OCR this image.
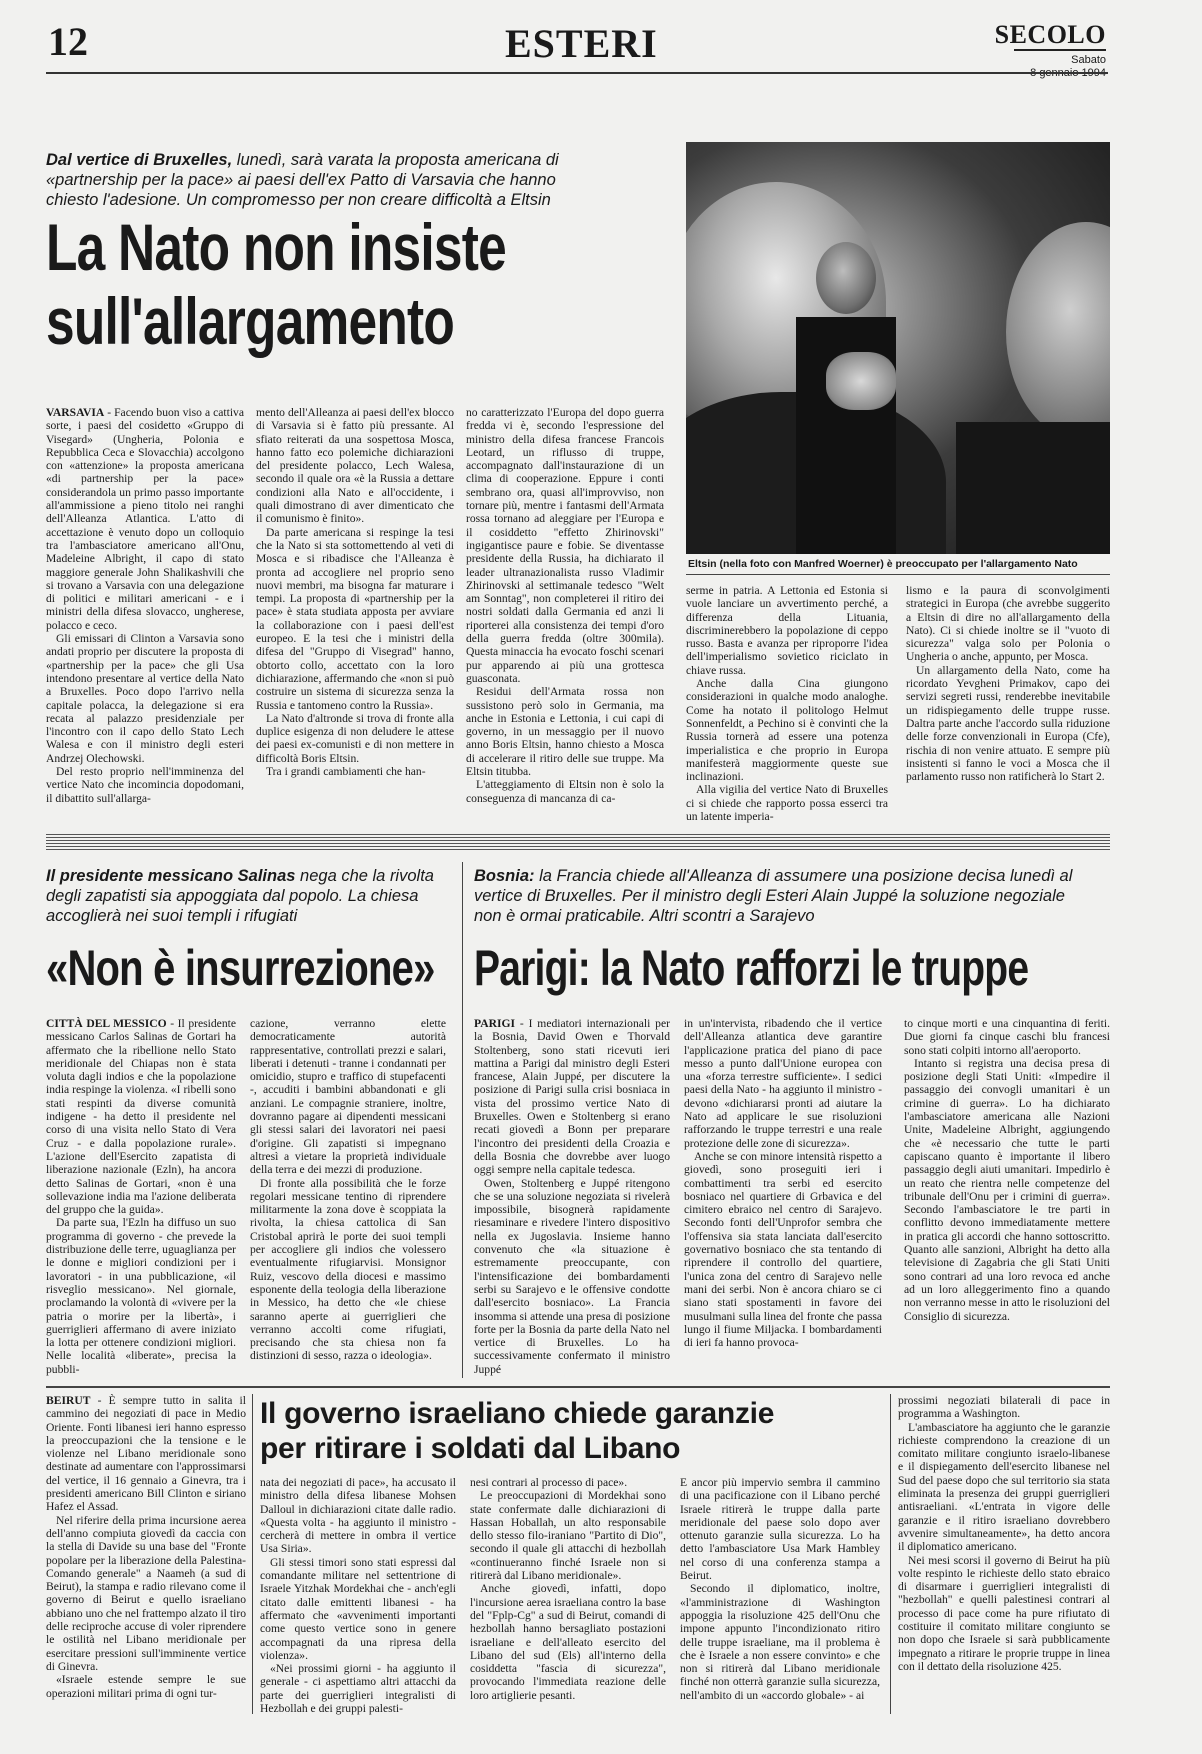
12	ESTERI	SECOLO
Sabato
Dal vertice di Bruxelles, lunedì, sarà varata la proposta americana di «partnership per la pace» ai paesi dell'ex Patto di Varsavia che hanno chiesto l'adesione. Un compromesso per non creare difficoltà a Eltsin
La Nato non insiste
sull'allargamento

VARSAVIA - Facendo buon viso a cattiva sorte, i paesi del cosidetto «Gruppo di Visegard» (Ungheria, Polonia e Repubblica Ceca e Slovacchia) accolgono con «attenzione» la proposta americana «di partnership per la pace» considerandola un primo passo importante all'ammissione a pieno titolo nei ranghi dell'Alleanza Atlantica. L'atto di accettazione è venuto dopo un colloquio tra l'ambasciatore americano all'Onu, Madeleine Albright, il capo di stato maggiore generale John Shalikashvili che si trovano a Varsavia con una delegazione di politici e militari americani - e i ministri della difesa slovacco, ungherese, polacco e ceco.

Gli emissari di Clinton a Varsavia sono andati proprio per discutere la proposta di «partnership per la pace» che gli Usa intendono presentare al vertice della Nato a Bruxelles. Poco dopo l'arrivo nella capitale polacca, la delegazione si era recata al palazzo presidenziale per l'incontro con il capo dello Stato Lech Walesa e con il ministro degli esteri Andrzej Olechowski.

Del resto proprio nell'imminenza del vertice Nato che incomincia dopodomani, il dibattito sull'allarga-

mento dell'Alleanza ai paesi dell'ex blocco di Varsavia si è fatto più pressante. Al sfiato reiterati da una sospettosa Mosca, hanno fatto eco polemiche dichiarazioni del presidente polacco, Lech Walesa, secondo il quale ora «è la Russia a dettare condizioni alla Nato e all'occidente, i quali dimostrano di aver dimenticato che il comunismo è finito».

Da parte americana si respinge la tesi che la Nato si sta sottomettendo al veti di Mosca e si ribadisce che l'Alleanza è pronta ad accogliere nel proprio seno nuovi membri, ma bisogna far maturare i tempi. La proposta di «partnership per la pace» è stata studiata apposta per avviare la collaborazione con i paesi dell'est europeo. E la tesi che i ministri della difesa del "Gruppo di Visegrad" hanno, obtorto collo, accettato con la loro dichiarazione, affermando che «non si può costruire un sistema di sicurezza senza la Russia e tantomeno contro la Russia».

La Nato d'altronde si trova di fronte alla duplice esigenza di non deludere le attese dei paesi ex-comunisti e di non mettere in difficoltà Boris Eltsin.

Tra i grandi cambiamenti che han-

no caratterizzato l'Europa del dopo guerra fredda vi è, secondo l'espressione del ministro della difesa francese Francois Leotard, un riflusso di truppe, accompagnato dall'instaurazione di un clima di cooperazione. Eppure i conti sembrano ora, quasi all'improvviso, non tornare più, mentre i fantasmi dell'Armata rossa tornano ad aleggiare per l'Europa e il cosiddetto "effetto Zhirinovski" ingigantisce paure e fobie. Se diventasse presidente della Russia, ha dichiarato il leader ultranazionalista russo Vladimir Zhirinovski al settimanale tedesco "Welt am Sonntag", non completerei il ritiro dei nostri soldati dalla Germania ed anzi li riporterei alla consistenza dei tempi d'oro della guerra fredda (oltre 300mila). Questa minaccia ha evocato foschi scenari pur apparendo ai più una grottesca guasconata.

Residui dell'Armata rossa non sussistono però solo in Germania, ma anche in Estonia e Lettonia, i cui capi di governo, in un messaggio per il nuovo anno Boris Eltsin, hanno chiesto a Mosca di accelerare il ritiro delle sue truppe. Ma Eltsin titubba.

L'atteggiamento di Eltsin non è solo la conseguenza di mancanza di ca-

Eltsin (nella foto con Manfred Woerner) è preoccupato per l'allargamento Nato

serme in patria. A Lettonia ed Estonia si vuole lanciare un avvertimento perché, a differenza della Lituania, discriminerebbero la popolazione di ceppo russo. Basta e avanza per riproporre l'idea dell'imperialismo sovietico riciclato in chiave russa.

Anche dalla Cina giungono considerazioni in qualche modo analoghe. Come ha notato il politologo Helmut Sonnenfeldt, a Pechino si è convinti che la Russia tornerà ad essere una potenza imperialistica e che proprio in Europa manifesterà maggiormente queste sue inclinazioni.

Alla vigilia del vertice Nato di Bruxelles ci si chiede che rapporto possa esserci tra un latente imperia-

lismo e la paura di sconvolgimenti strategici in Europa (che avrebbe suggerito a Eltsin di dire no all'allargamento della Nato). Ci si chiede inoltre se il "vuoto di sicurezza" valga solo per Polonia o Ungheria o anche, appunto, per Mosca.

Un allargamento della Nato, come ha ricordato Yevgheni Primakov, capo dei servizi segreti russi, renderebbe inevitabile un ridispiegamento delle truppe russe. Daltra parte anche l'accordo sulla riduzione delle forze convenzionali in Europa (Cfe), rischia di non venire attuato. E sempre più insistenti si fanno le voci a Mosca che il parlamento russo non ratificherà lo Start 2.

Il presidente messicano Salinas nega che la rivolta degli zapatisti sia appoggiata dal popolo. La chiesa accoglierà nei suoi templi i rifugiati
«Non è insurrezione»

CITTÀ DEL MESSICO - Il presidente messicano Carlos Salinas de Gortari ha affermato che la ribellione nello Stato meridionale del Chiapas non è stata voluta dagli indios e che la popolazione india respinge la violenza. «I ribelli sono stati respinti da diverse comunità indigene - ha detto il presidente nel corso di una visita nello Stato di Vera Cruz - e dalla popolazione rurale». L'azione dell'Esercito zapatista di liberazione nazionale (Ezln), ha ancora detto Salinas de Gortari, «non è una sollevazione india ma l'azione deliberata del gruppo che la guida».

Da parte sua, l'Ezln ha diffuso un suo programma di governo - che prevede la distribuzione delle terre, uguaglianza per le donne e migliori condizioni per i lavoratori - in una pubblicazione, «il risveglio messicano». Nel giornale, proclamando la volontà di «vivere per la patria o morire per la libertà», i guerriglieri affermano di avere iniziato la lotta per ottenere condizioni migliori. Nelle località «liberate», precisa la pubbli-

cazione, verranno elette democraticamente autorità rappresentative, controllati prezzi e salari, liberati i detenuti - tranne i condannati per omicidio, stupro e traffico di stupefacenti -, accuditi i bambini abbandonati e gli anziani. Le compagnie straniere, inoltre, dovranno pagare ai dipendenti messicani gli stessi salari dei lavoratori nei paesi d'origine. Gli zapatisti si impegnano altresì a vietare la proprietà individuale della terra e dei mezzi di produzione.

Di fronte alla possibilità che le forze regolari messicane tentino di riprendere militarmente la zona dove è scoppiata la rivolta, la chiesa cattolica di San Cristobal aprirà le porte dei suoi templi per accogliere gli indios che volessero eventualmente rifugiarvisi. Monsignor Ruiz, vescovo della diocesi e massimo esponente della teologia della liberazione in Messico, ha detto che «le chiese saranno aperte ai guerriglieri che verranno accolti come rifugiati, precisando che sta chiesa non fa distinzioni di sesso, razza o ideologia».

Bosnia: la Francia chiede all'Alleanza di assumere una posizione decisa lunedì al vertice di Bruxelles. Per il ministro degli Esteri Alain Juppé la soluzione negoziale non è ormai praticabile. Altri scontri a Sarajevo
Parigi: la Nato rafforzi le truppe

PARIGI - I mediatori internazionali per la Bosnia, David Owen e Thorvald Stoltenberg, sono stati ricevuti ieri mattina a Parigi dal ministro degli Esteri francese, Alain Juppé, per discutere la posizione di Parigi sulla crisi bosniaca in vista del prossimo vertice Nato di Bruxelles. Owen e Stoltenberg si erano recati giovedì a Bonn per preparare l'incontro dei presidenti della Croazia e della Bosnia che dovrebbe aver luogo oggi sempre nella capitale tedesca.

Owen, Stoltenberg e Juppé ritengono che se una soluzione negoziata si rivelerà impossibile, bisognerà rapidamente riesaminare e rivedere l'intero dispositivo nella ex Jugoslavia. Insieme hanno convenuto che «la situazione è estremamente preoccupante, con l'intensificazione dei bombardamenti serbi su Sarajevo e le offensive condotte dall'esercito bosniaco». La Francia insomma si attende una presa di posizione forte per la Bosnia da parte della Nato nel vertice di Bruxelles. Lo ha successivamente confermato il ministro Juppé

in un'intervista, ribadendo che il vertice dell'Alleanza atlantica deve garantire l'applicazione pratica del piano di pace messo a punto dall'Unione europea con una «forza terrestre sufficiente». I sedici paesi della Nato - ha aggiunto il ministro - devono «dichiararsi pronti ad aiutare la Nato ad applicare le sue risoluzioni rafforzando le truppe terrestri e una reale protezione delle zone di sicurezza».

Anche se con minore intensità rispetto a giovedì, sono proseguiti ieri i combattimenti tra serbi ed esercito bosniaco nel quartiere di Grbavica e del cimitero ebraico nel centro di Sarajevo. Secondo fonti dell'Unprofor sembra che l'offensiva sia stata lanciata dall'esercito governativo bosniaco che sta tentando di riprendere il controllo del quartiere, l'unica zona del centro di Sarajevo nelle mani dei serbi. Non è ancora chiaro se ci siano stati spostamenti in favore dei musulmani sulla linea del fronte che passa lungo il fiume Miljacka. I bombardamenti di ieri fa hanno provoca-

to cinque morti e una cinquantina di feriti. Due giorni fa cinque caschi blu francesi sono stati colpiti intorno all'aeroporto.

Intanto si registra una decisa presa di posizione degli Stati Uniti: «Impedire il passaggio dei convogli umanitari è un crimine di guerra». Lo ha dichiarato l'ambasciatore americana alle Nazioni Unite, Madeleine Albright, aggiungendo che «è necessario che tutte le parti capiscano quanto è importante il libero passaggio degli aiuti umanitari. Impedirlo è un reato che rientra nelle competenze del tribunale dell'Onu per i crimini di guerra». Secondo l'ambasciatore le tre parti in conflitto devono immediatamente mettere in pratica gli accordi che hanno sottoscritto. Quanto alle sanzioni, Albright ha detto alla televisione di Zagabria che gli Stati Uniti sono contrari ad una loro revoca ed anche ad un loro alleggerimento fino a quando non verranno messe in atto le risoluzioni del Consiglio di sicurezza.

BEIRUT - È sempre tutto in salita il cammino dei negoziati di pace in Medio Oriente. Fonti libanesi ieri hanno espresso la preoccupazioni che la tensione e le violenze nel Libano meridionale sono destinate ad aumentare con l'approssimarsi del vertice, il 16 gennaio a Ginevra, tra i presidenti americano Bill Clinton e siriano Hafez el Assad.

Nel riferire della prima incursione aerea dell'anno compiuta giovedì da caccia con la stella di Davide su una base del "Fronte popolare per la liberazione della Palestina-Comando generale" a Naameh (a sud di Beirut), la stampa e radio rilevano come il governo di Beirut e quello israeliano abbiano uno che nel frattempo alzato il tiro delle reciproche accuse di voler riprendere le ostilità nel Libano meridionale per esercitare pressioni sull'imminente vertice di Ginevra.

«Israele estende sempre le sue operazioni militari prima di ogni tur-

Il governo israeliano chiede garanzie
per ritirare i soldati dal Libano

nata dei negoziati di pace», ha accusato il ministro della difesa libanese Mohsen Dalloul in dichiarazioni citate dalle radio. «Questa volta - ha aggiunto il ministro - cercherà di mettere in ombra il vertice Usa Siria».

Gli stessi timori sono stati espressi dal comandante militare nel settentrione di Israele Yitzhak Mordekhai che - anch'egli citato dalle emittenti libanesi - ha affermato che «avvenimenti importanti come questo vertice sono in genere accompagnati da una ripresa della violenza».

«Nei prossimi giorni - ha aggiunto il generale - ci aspettiamo altri attacchi da parte dei guerriglieri integralisti di Hezbollah e dei gruppi palesti-

nesi contrari al processo di pace».

Le preoccupazioni di Mordekhai sono state confermate dalle dichiarazioni di Hassan Hoballah, un alto responsabile dello stesso filo-iraniano "Partito di Dio", secondo il quale gli attacchi di hezbollah «continueranno finché Israele non si ritirerà dal Libano meridionale».

Anche giovedì, infatti, dopo l'incursione aerea israeliana contro la base del "Fplp-Cg" a sud di Beirut, comandi di hezbollah hanno bersagliato postazioni israeliane e dell'alleato esercito del Libano del sud (Els) all'interno della cosiddetta "fascia di sicurezza", provocando l'immediata reazione delle loro artiglierie pesanti.

E ancor più impervio sembra il cammino di una pacificazione con il Libano perché Israele ritirerà le truppe dalla parte meridionale del paese solo dopo aver ottenuto garanzie sulla sicurezza. Lo ha detto l'ambasciatore Usa Mark Hambley nel corso di una conferenza stampa a Beirut.

Secondo il diplomatico, inoltre, «l'amministrazione di Washington appoggia la risoluzione 425 dell'Onu che impone appunto l'incondizionato ritiro delle truppe israeliane, ma il problema è che è Israele a non essere convinto» e che non si ritirerà dal Libano meridionale finché non otterrà garanzie sulla sicurezza, nell'ambito di un «accordo globale» - ai

prossimi negoziati bilaterali di pace in programma a Washington.

L'ambasciatore ha aggiunto che le garanzie richieste comprendono la creazione di un comitato militare congiunto israelo-libanese e il dispiegamento dell'esercito libanese nel Sud del paese dopo che sul territorio sia stata eliminata la presenza dei gruppi guerriglieri antisraeliani. «L'entrata in vigore delle garanzie e il ritiro israeliano dovrebbero avvenire simultaneamente», ha detto ancora il diplomatico americano.

Nei mesi scorsi il governo di Beirut ha più volte respinto le richieste dello stato ebraico di disarmare i guerriglieri integralisti di "hezbollah" e quelli palestinesi contrari al processo di pace come ha pure rifiutato di costituire il comitato militare congiunto se non dopo che Israele si sarà pubblicamente impegnato a ritirare le proprie truppe in linea con il dettato della risoluzione 425.
